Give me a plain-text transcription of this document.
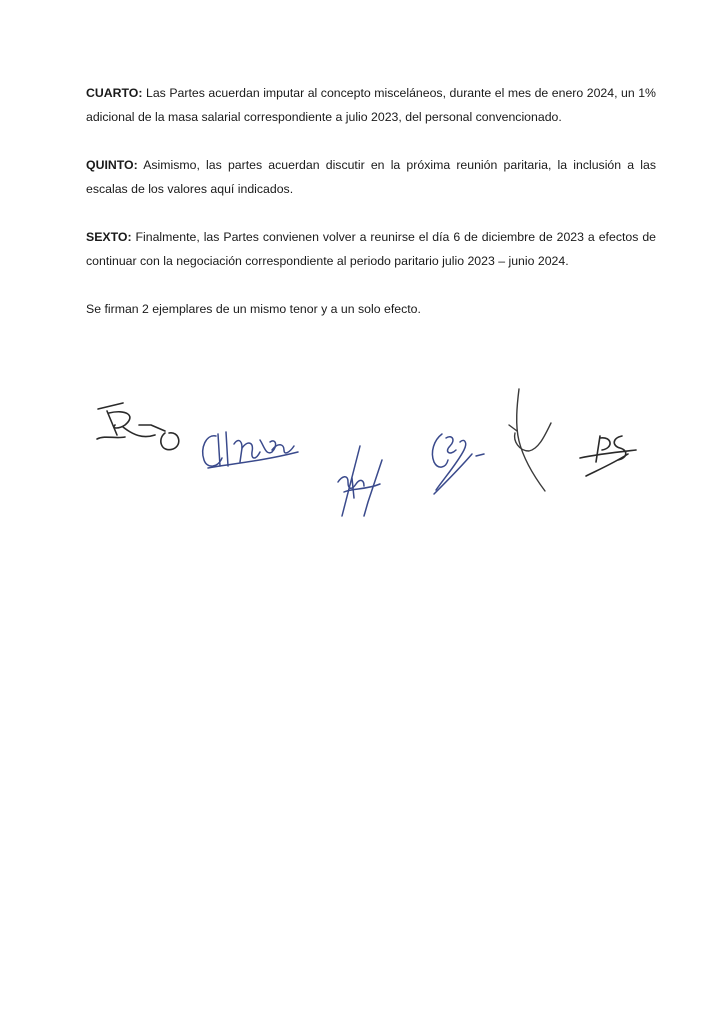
CUARTO: Las Partes acuerdan imputar al concepto misceláneos, durante el mes de enero 2024, un 1% adicional de la masa salarial correspondiente a julio 2023, del personal convencionado.

QUINTO: Asimismo, las partes acuerdan discutir en la próxima reunión paritaria, la inclusión a las escalas de los valores aquí indicados.

SEXTO: Finalmente, las Partes convienen volver a reunirse el día 6 de diciembre de 2023 a efectos de continuar con la negociación correspondiente al periodo paritario julio 2023 – junio 2024.

Se firman 2 ejemplares de un mismo tenor y a un solo efecto.
